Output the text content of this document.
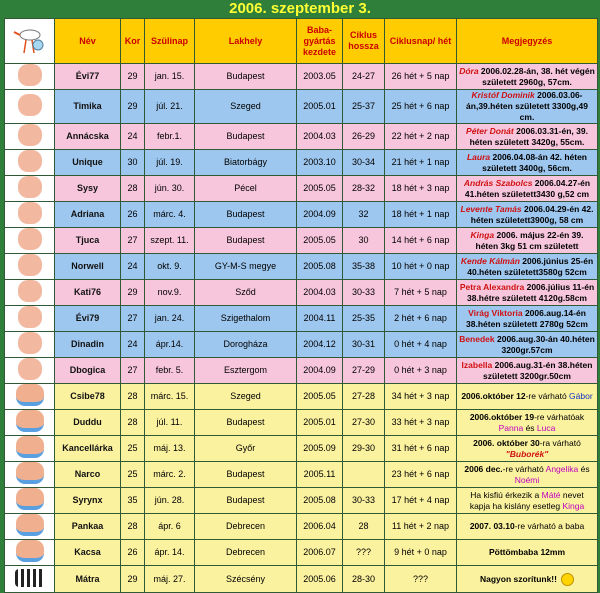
2006. szeptember 3.
	Név	Kor	Szülinap	Lakhely	Baba-gyártás kezdete	Ciklus hossza	Ciklusnap/ hét	Megjegyzés
	Évi77	29	jan. 15.	Budapest	2003.05	24-27	26 hét + 5 nap	Dóra 2006.02.28-án, 38. hét végén született 2960g, 57cm.
	Timika	29	júl. 21.	Szeged	2005.01	25-37	25 hét + 6 nap	Kristóf Dominik 2006.03.06-án,39.héten született 3300g,49 cm.
	Annácska	24	febr.1.	Budapest	2004.03	26-29	22 hét + 2 nap	Péter Donát 2006.03.31-én, 39. héten született 3420g, 55cm.
	Unique	30	júl. 19.	Biatorbágy	2003.10	30-34	21 hét + 1 nap	Laura 2006.04.08-án 42. héten született 3400g, 56cm.
	Sysy	28	jún. 30.	Pécel	2005.05	28-32	18 hét + 3 nap	András Szabolcs 2006.04.27-én 41.héten született3430 g,52 cm
	Adriana	26	márc. 4.	Budapest	2004.09	32	18 hét + 1 nap	Levente Tamás 2006.04.29-én 42. héten született3900g, 58 cm
	Tjuca	27	szept. 11.	Budapest	2005.05	30	14 hét + 6 nap	Kinga 2006. május 22-én 39. héten 3kg 51 cm született
	Norwell	24	okt. 9.	GY-M-S megye	2005.08	35-38	10 hét + 0 nap	Kende Kálmán 2006.június 25-én 40.héten született3580g 52cm
	Kati76	29	nov.9.	Sződ	2004.03	30-33	7 hét + 5 nap	Petra Alexandra 2006.július 11-én 38.hétre született 4120g.58cm
	Évi79	27	jan. 24.	Szigethalom	2004.11	25-35	2 hét + 6 nap	Virág Viktoria 2006.aug.14-én 38.héten született 2780g 52cm
	Dinadin	24	ápr.14.	Dorogháza	2004.12	30-31	0 hét + 4 nap	Benedek 2006.aug.30-án 40.héten 3200gr.57cm
	Dbogica	27	febr. 5.	Esztergom	2004.09	27-29	0 hét + 3 nap	Izabella 2006.aug.31-én 38.héten született 3200gr.50cm
	Csibe78	28	márc. 15.	Szeged	2005.05	27-28	34 hét + 3 nap	2006.október 12-re várható Gábor
	Duddu	28	júl. 11.	Budapest	2005.01	27-30	33 hét + 3 nap	2006.október 19-re várhatóak Panna és Luca
	Kancellárka	25	máj. 13.	Győr	2005.09	29-30	31 hét + 6 nap	2006. október 30-ra várható "Buborék"
	Narco	25	márc. 2.	Budapest	2005.11		23 hét + 6 nap	2006 dec.-re várható Angelika és Noémi
	Syrynx	35	jún. 28.	Budapest	2005.08	30-33	17 hét + 4 nap	Ha kisfiú érkezik a Máté nevet kapja ha kislány esetleg Kinga
	Pankaa	28	ápr. 6	Debrecen	2006.04	28	11 hét + 2 nap	2007. 03.10-re várható a baba
	Kacsa	26	ápr. 14.	Debrecen	2006.07	???	9 hét + 0 nap	Pöttömbaba 12mm
	Mátra	29	máj. 27.	Szécsény	2005.06	28-30	???	Nagyon szorítunk!!
